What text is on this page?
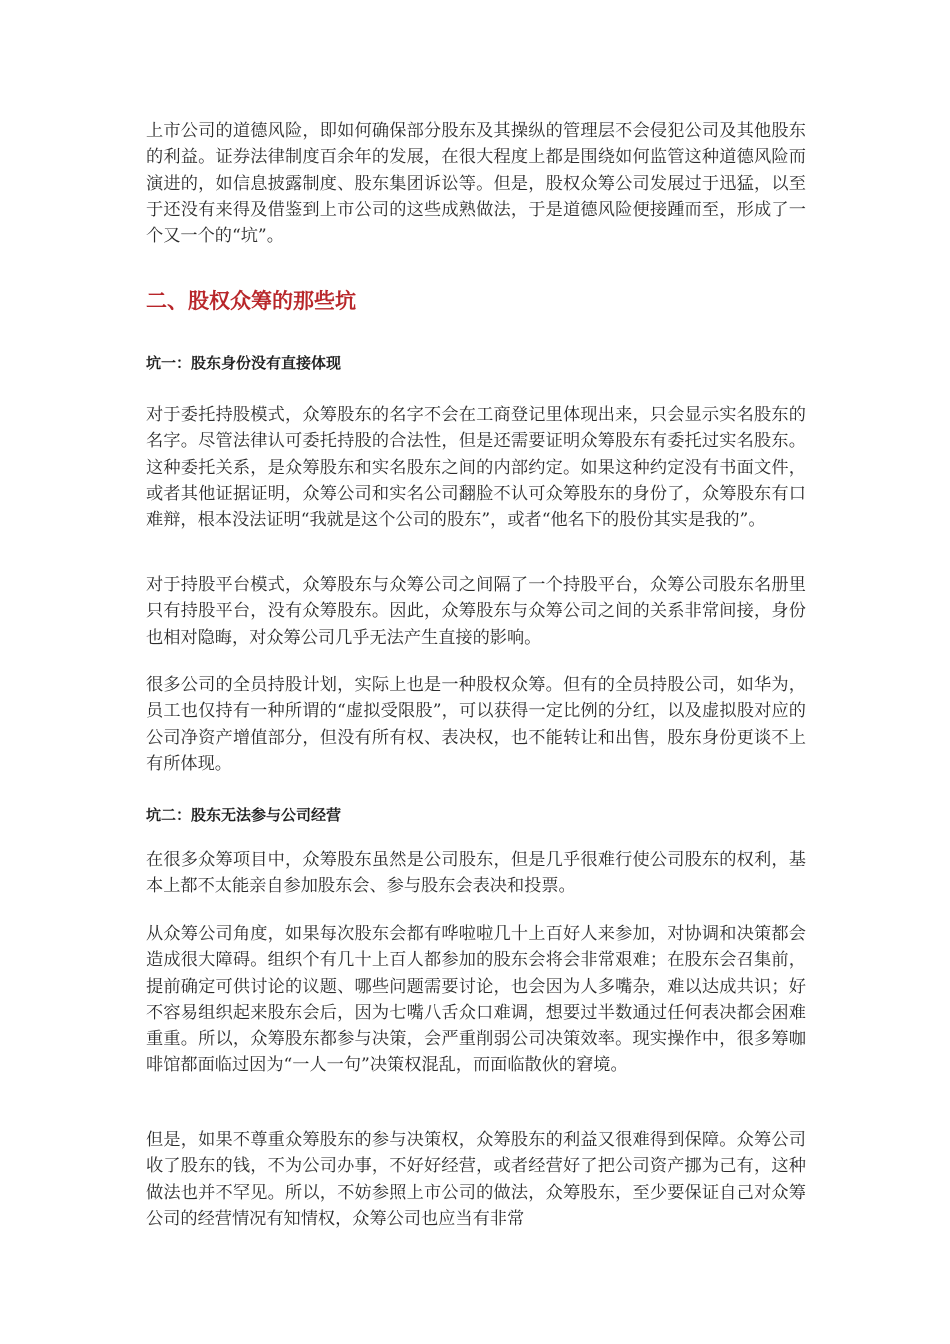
上市公司的道德风险，即如何确保部分股东及其操纵的管理层不会侵犯公司及其他股东的利益。证券法律制度百余年的发展，在很大程度上都是围绕如何监管这种道德风险而演进的，如信息披露制度、股东集团诉讼等。但是，股权众筹公司发展过于迅猛，以至于还没有来得及借鉴到上市公司的这些成熟做法，于是道德风险便接踵而至，形成了一个又一个的“坑”。

二、股权众筹的那些坑
坑一：股东身份没有直接体现

对于委托持股模式，众筹股东的名字不会在工商登记里体现出来，只会显示实名股东的名字。尽管法律认可委托持股的合法性，但是还需要证明众筹股东有委托过实名股东。这种委托关系，是众筹股东和实名股东之间的内部约定。如果这种约定没有书面文件，或者其他证据证明，众筹公司和实名公司翻脸不认可众筹股东的身份了，众筹股东有口难辩，根本没法证明“我就是这个公司的股东”，或者“他名下的股份其实是我的”。

对于持股平台模式，众筹股东与众筹公司之间隔了一个持股平台，众筹公司股东名册里只有持股平台，没有众筹股东。因此，众筹股东与众筹公司之间的关系非常间接，身份也相对隐晦，对众筹公司几乎无法产生直接的影响。

很多公司的全员持股计划，实际上也是一种股权众筹。但有的全员持股公司，如华为，员工也仅持有一种所谓的“虚拟受限股”，可以获得一定比例的分红，以及虚拟股对应的公司净资产增值部分，但没有所有权、表决权，也不能转让和出售，股东身份更谈不上有所体现。

坑二：股东无法参与公司经营

在很多众筹项目中，众筹股东虽然是公司股东，但是几乎很难行使公司股东的权利，基本上都不太能亲自参加股东会、参与股东会表决和投票。

从众筹公司角度，如果每次股东会都有哗啦啦几十上百好人来参加，对协调和决策都会造成很大障碍。组织个有几十上百人都参加的股东会将会非常艰难；在股东会召集前，提前确定可供讨论的议题、哪些问题需要讨论，也会因为人多嘴杂，难以达成共识；好不容易组织起来股东会后，因为七嘴八舌众口难调，想要过半数通过任何表决都会困难重重。所以，众筹股东都参与决策，会严重削弱公司决策效率。现实操作中，很多筹咖啡馆都面临过因为“一人一句”决策权混乱，而面临散伙的窘境。

但是，如果不尊重众筹股东的参与决策权，众筹股东的利益又很难得到保障。众筹公司收了股东的钱，不为公司办事，不好好经营，或者经营好了把公司资产挪为己有，这种做法也并不罕见。所以，不妨参照上市公司的做法，众筹股东，至少要保证自己对众筹公司的经营情况有知情权，众筹公司也应当有非常
